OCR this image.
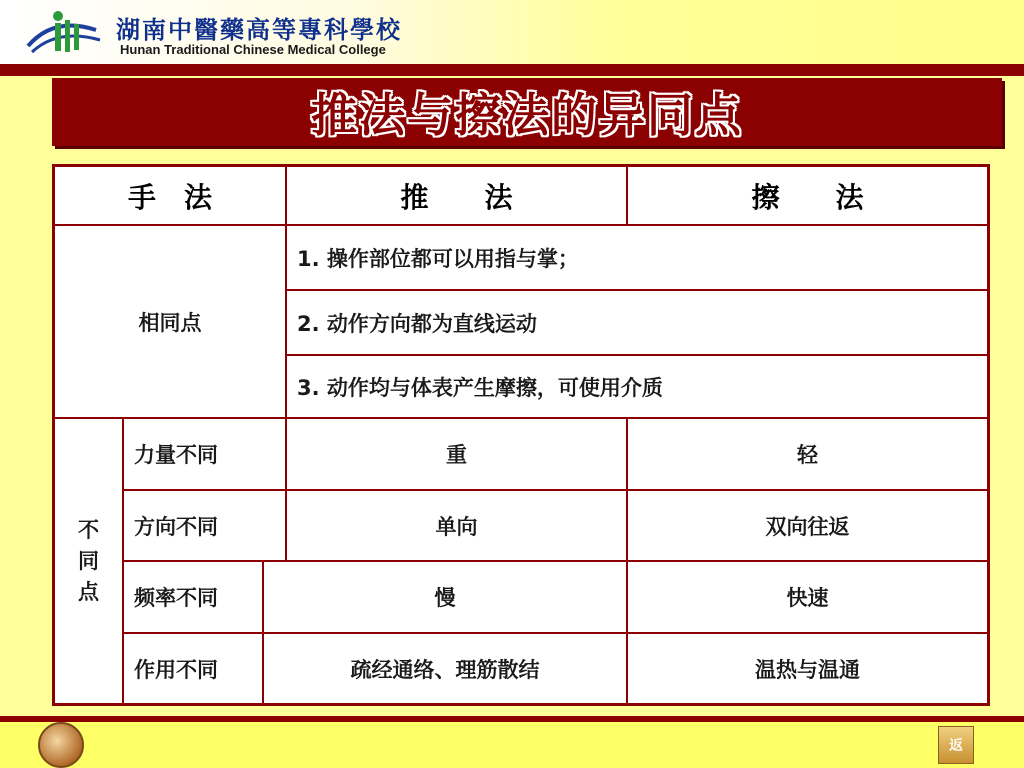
湖南中醫藥高等專科學校
Hunan Traditional Chinese Medical College
推法与擦法的异同点
手　法	推　　法	擦　　法
相同点
1. 操作部位都可以用指与掌；
2. 动作方向都为直线运动
3. 动作均与体表产生摩擦，可使用介质
不
同
点
力量不同	重	轻
方向不同	单向	双向往返
频率不同	慢	快速
作用不同	疏经通络、理筋散结	温热与温通
返
